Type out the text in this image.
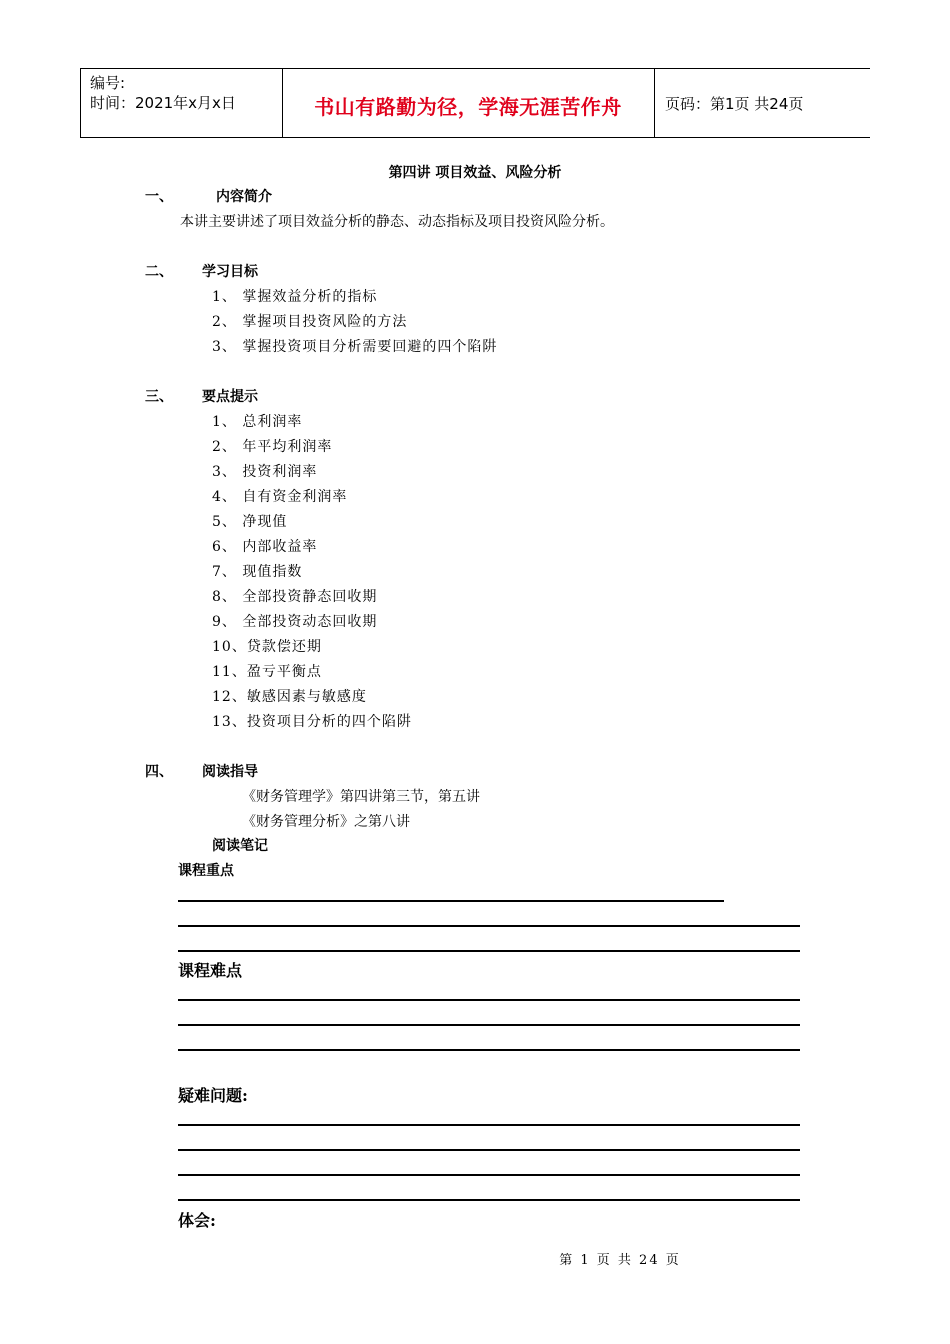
编号:
时间：2021年x月x日	书山有路勤为径，学海无涯苦作舟	页码：第1页 共24页
第四讲 项目效益、风险分析
一、	内容简介
本讲主要讲述了项目效益分析的静态、动态指标及项目投资风险分析。
二、 学习目标
1、 掌握效益分析的指标
2、 掌握项目投资风险的方法
3、 掌握投资项目分析需要回避的四个陷阱
三、 要点提示
1、 总利润率
2、 年平均利润率
3、 投资利润率
4、 自有资金利润率
5、 净现值
6、 内部收益率
7、 现值指数
8、 全部投资静态回收期
9、 全部投资动态回收期
10、贷款偿还期
11、盈亏平衡点
12、敏感因素与敏感度
13、投资项目分析的四个陷阱
四、 阅读指导
《财务管理学》第四讲第三节，第五讲
《财务管理分析》之第八讲
阅读笔记
课程重点
课程难点
疑难问题:
体会:
第 1 页 共 24 页
